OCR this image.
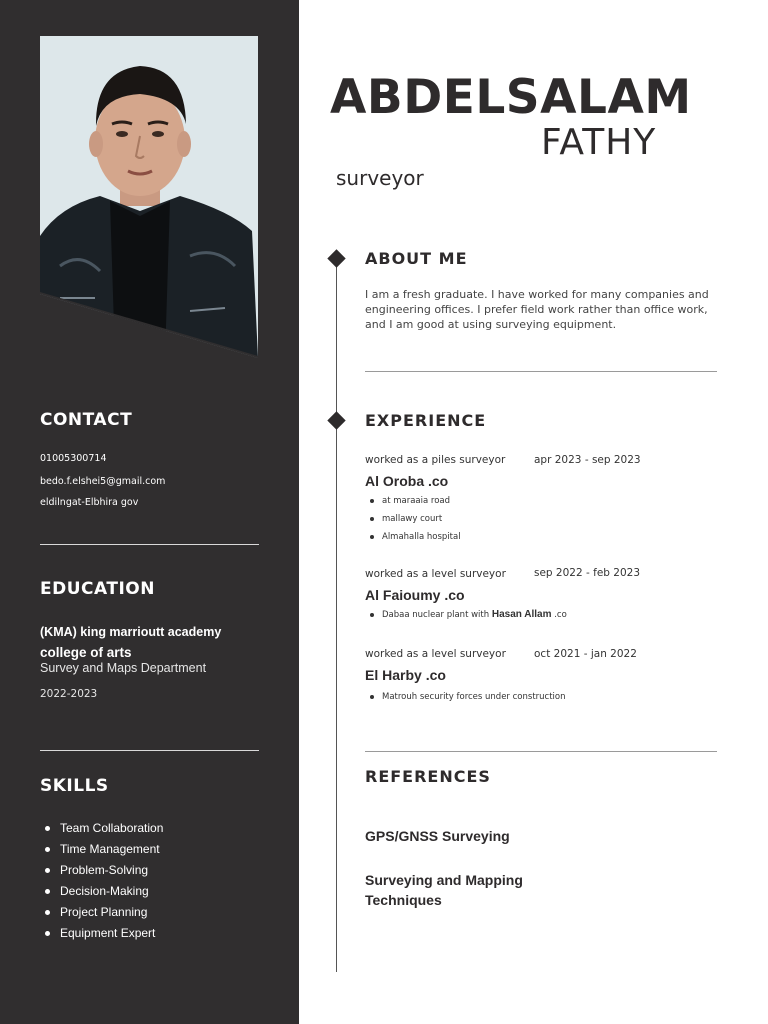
CONTACT
01005300714
bedo.f.elshei5@gmail.com
eldilngat-Elbhira gov
EDUCATION
(KMA) king marrioutt academy
college of arts
Survey and Maps Department
2022-2023
SKILLS
Team Collaboration
Time Management
Problem-Solving
Decision-Making
Project Planning
Equipment Expert
ABDELSALAM
FATHY
surveyor
ABOUT ME
I am a fresh graduate. I have worked for many companies and engineering offices. I prefer field work rather than office work, and I am good at using surveying equipment.
EXPERIENCE
worked as a piles surveyor	apr 2023 - sep 2023
Al Oroba .co
at maraaia road
mallawy court
Almahalla hospital
worked as a level surveyor	sep 2022 - feb 2023
Al Faioumy .co
Dabaa nuclear plant with Hasan Allam .co
worked as a level surveyor	oct 2021 - jan 2022
El Harby .co
Matrouh security forces under construction
REFERENCES
GPS/GNSS Surveying
Surveying and Mapping Techniques
